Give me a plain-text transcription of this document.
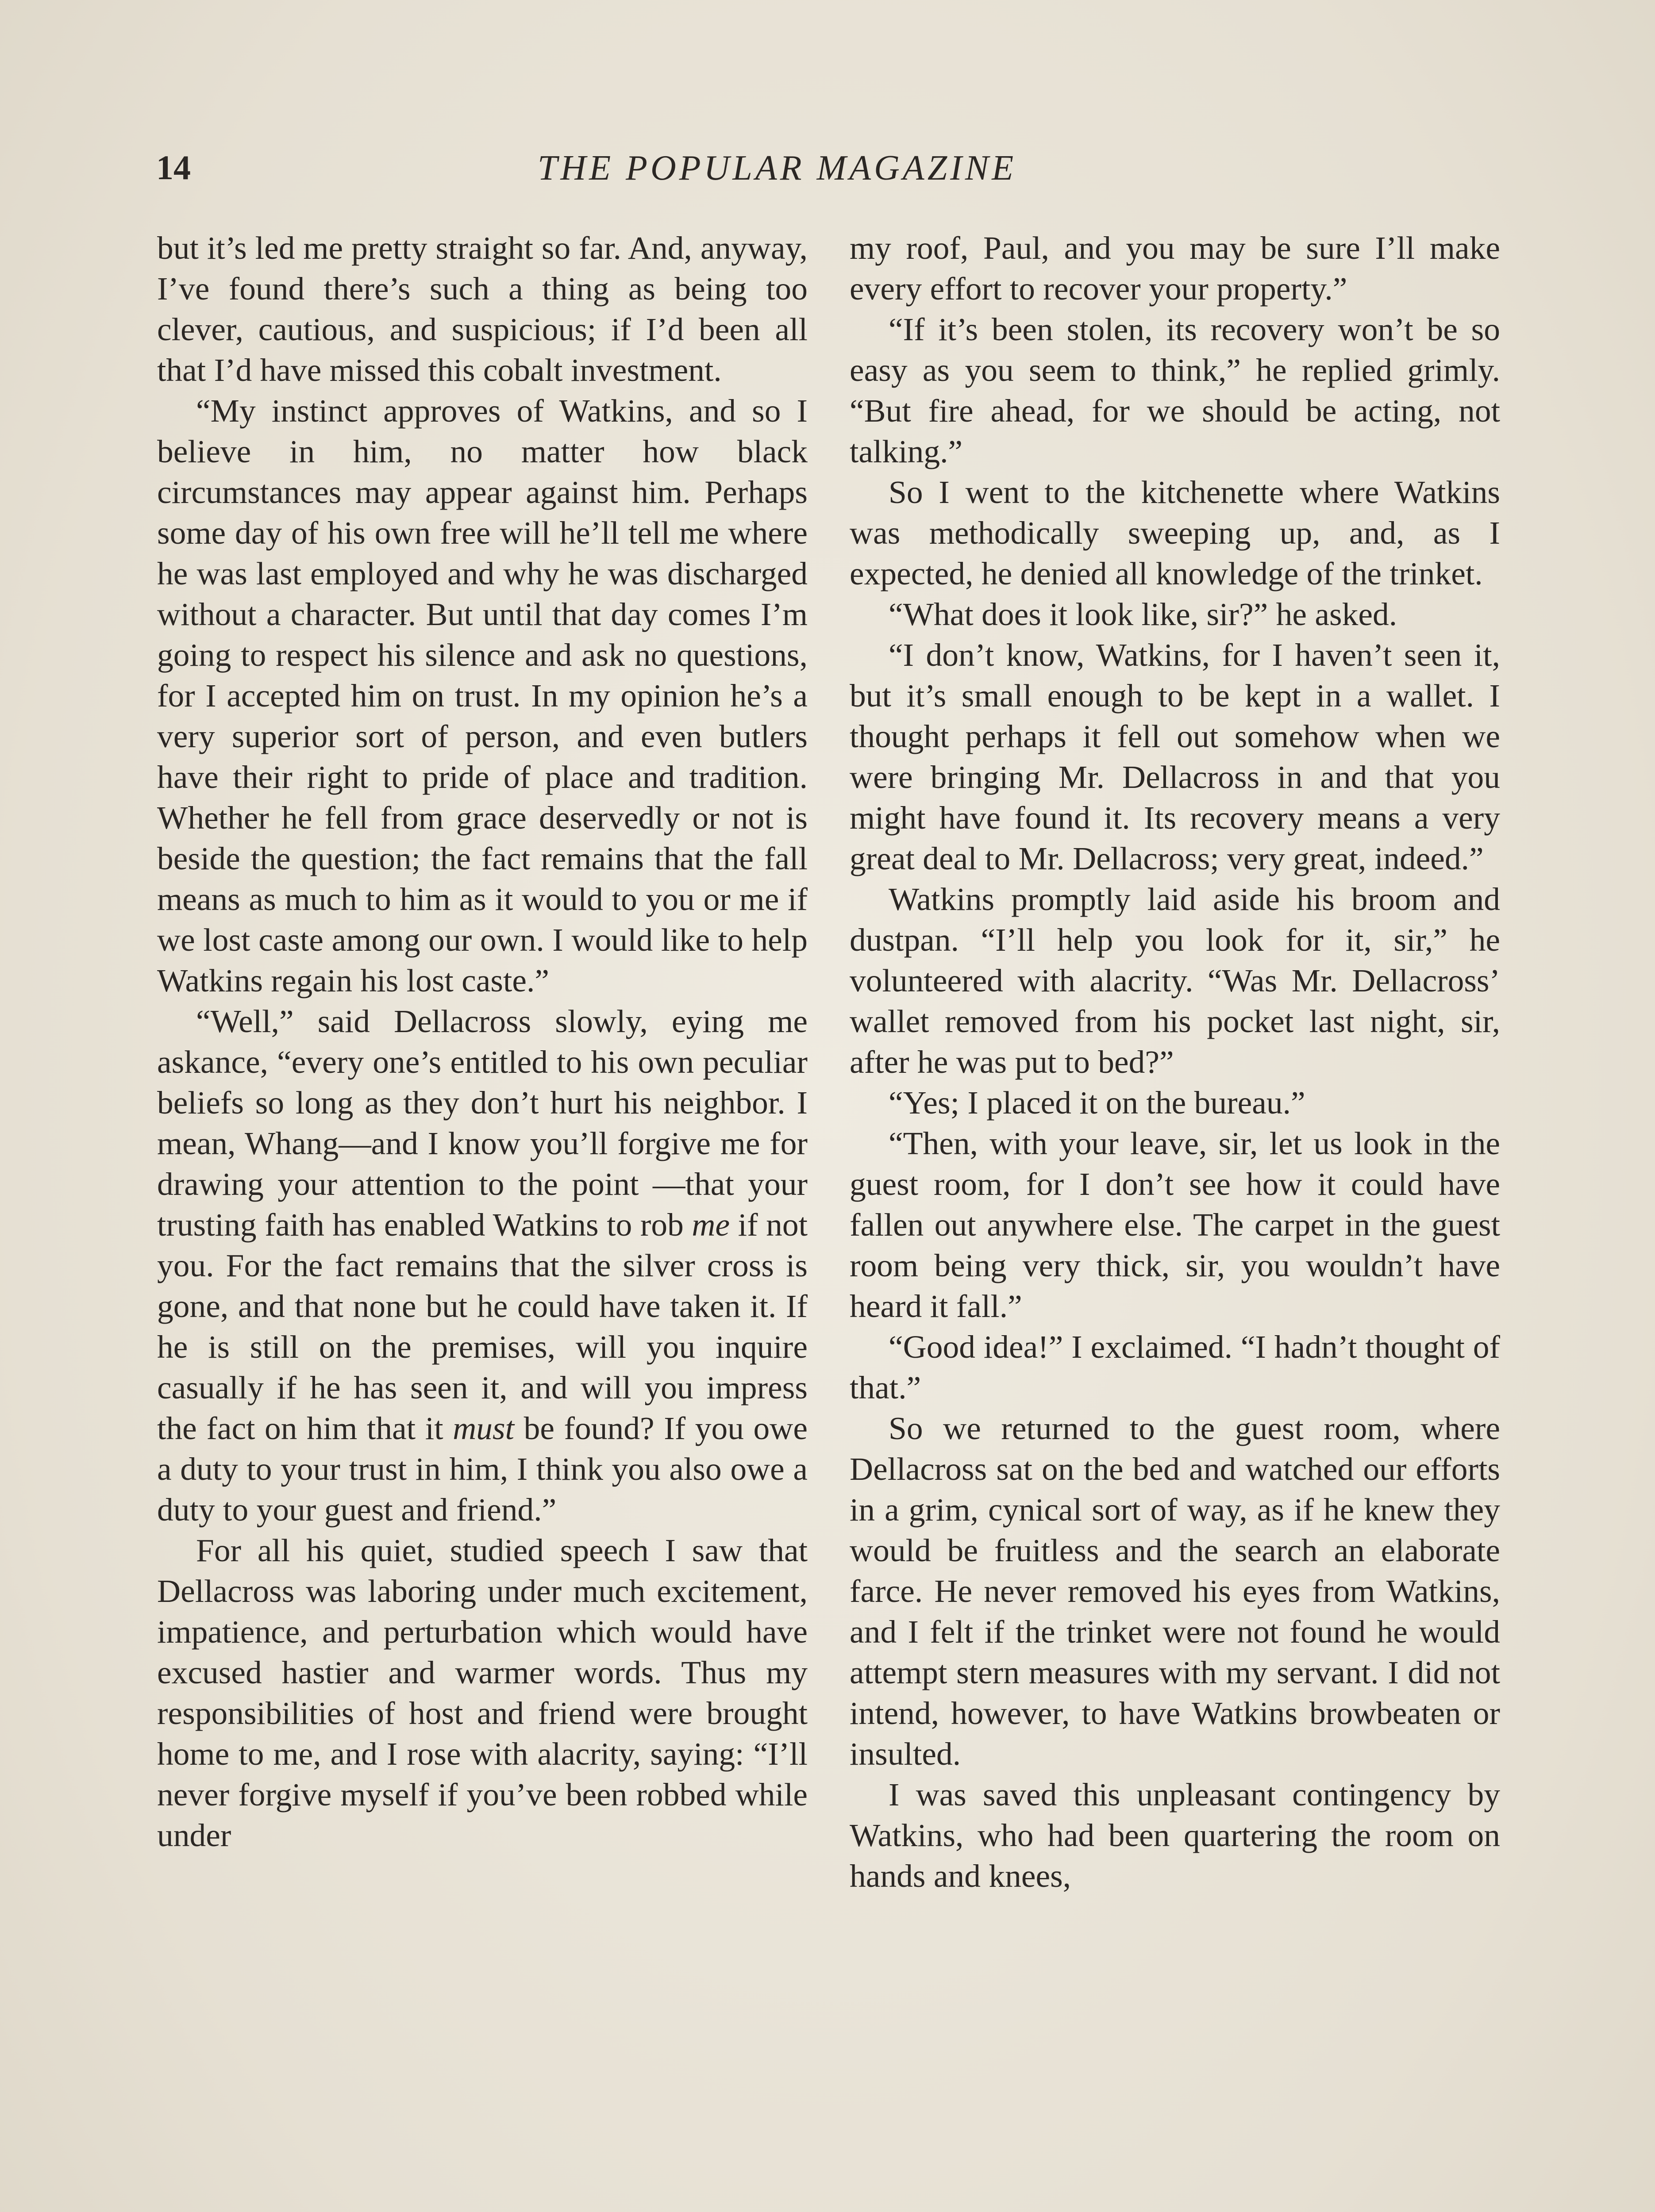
14	THE POPULAR MAGAZINE

but it’s led me pretty straight so far. And, anyway, I’ve found there’s such a thing as being too clever, cautious, and suspicious; if I’d been all that I’d have missed this cobalt investment.

“My instinct approves of Watkins, and so I believe in him, no matter how black circumstances may appear against him. Perhaps some day of his own free will he’ll tell me where he was last employed and why he was discharged without a character. But until that day comes I’m going to respect his silence and ask no questions, for I accepted him on trust. In my opinion he’s a very superior sort of person, and even butlers have their right to pride of place and tradition. Whether he fell from grace deservedly or not is beside the question; the fact remains that the fall means as much to him as it would to you or me if we lost caste among our own. I would like to help Watkins regain his lost caste.”

“Well,” said Dellacross slowly, eying me askance, “every one’s entitled to his own peculiar beliefs so long as they don’t hurt his neighbor. I mean, Whang—and I know you’ll forgive me for drawing your attention to the point —that your trusting faith has enabled Watkins to rob me if not you. For the fact remains that the silver cross is gone, and that none but he could have taken it. If he is still on the premises, will you inquire casually if he has seen it, and will you impress the fact on him that it must be found? If you owe a duty to your trust in him, I think you also owe a duty to your guest and friend.”

For all his quiet, studied speech I saw that Dellacross was laboring under much excitement, impatience, and perturbation which would have excused hastier and warmer words. Thus my responsibilities of host and friend were brought home to me, and I rose with alacrity, saying: “I’ll never forgive myself if you’ve been robbed while under

my roof, Paul, and you may be sure I’ll make every effort to recover your property.”

“If it’s been stolen, its recovery won’t be so easy as you seem to think,” he replied grimly. “But fire ahead, for we should be acting, not talking.”

So I went to the kitchenette where Watkins was methodically sweeping up, and, as I expected, he denied all knowledge of the trinket.

“What does it look like, sir?” he asked.

“I don’t know, Watkins, for I haven’t seen it, but it’s small enough to be kept in a wallet. I thought perhaps it fell out somehow when we were bringing Mr. Dellacross in and that you might have found it. Its recovery means a very great deal to Mr. Dellacross; very great, indeed.”

Watkins promptly laid aside his broom and dustpan. “I’ll help you look for it, sir,” he volunteered with alacrity. “Was Mr. Dellacross’ wallet removed from his pocket last night, sir, after he was put to bed?”

“Yes; I placed it on the bureau.”

“Then, with your leave, sir, let us look in the guest room, for I don’t see how it could have fallen out anywhere else. The carpet in the guest room being very thick, sir, you wouldn’t have heard it fall.”

“Good idea!” I exclaimed. “I hadn’t thought of that.”

So we returned to the guest room, where Dellacross sat on the bed and watched our efforts in a grim, cynical sort of way, as if he knew they would be fruitless and the search an elaborate farce. He never removed his eyes from Watkins, and I felt if the trinket were not found he would attempt stern measures with my servant. I did not intend, however, to have Watkins browbeaten or insulted.

I was saved this unpleasant contingency by Watkins, who had been quartering the room on hands and knees,
